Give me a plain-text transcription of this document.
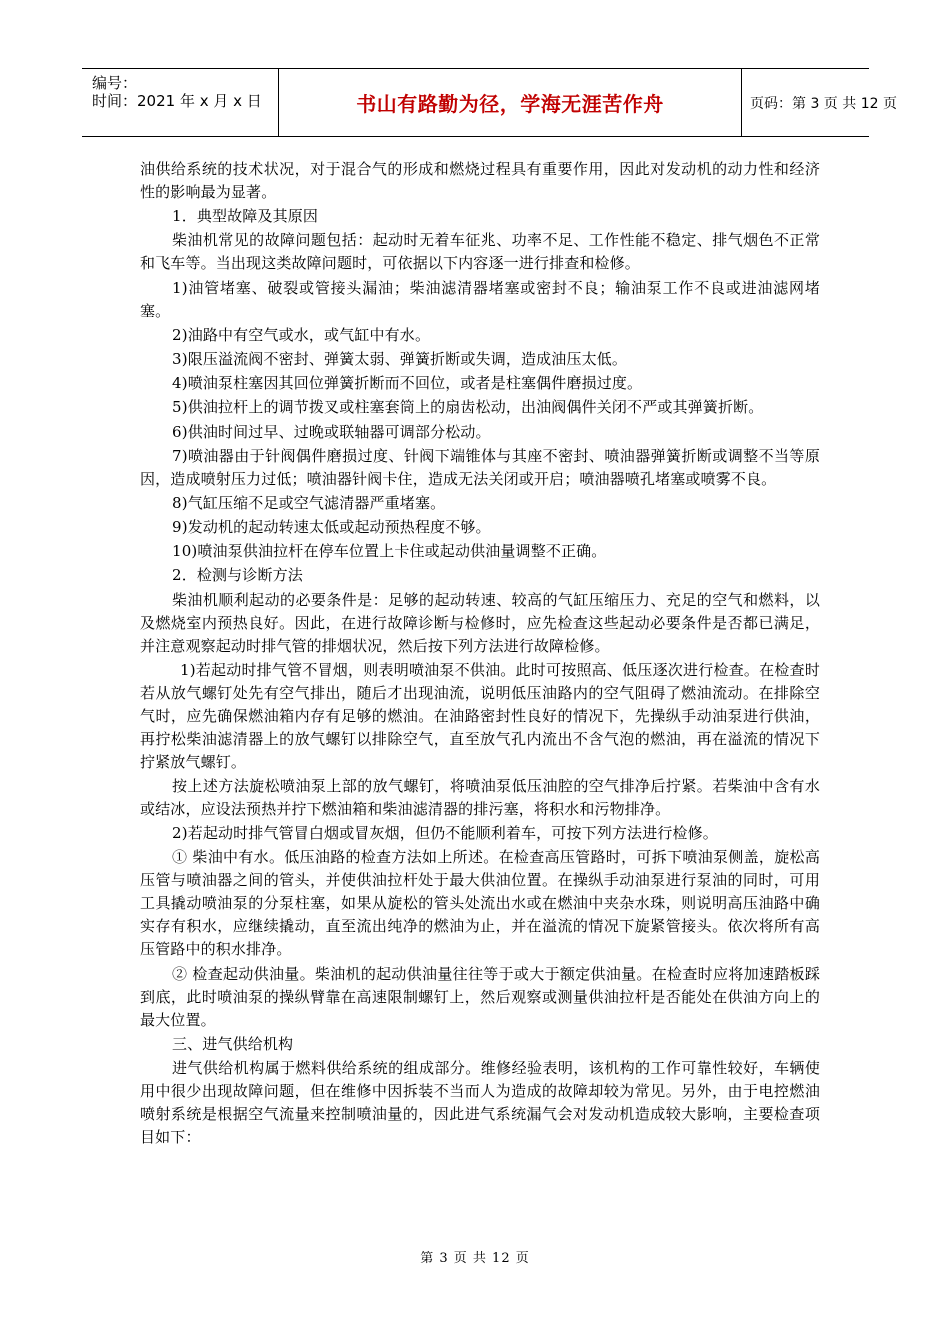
编号：
时间：2021 年 x 月 x 日	书山有路勤为径，学海无涯苦作舟	页码：第 3 页 共 12 页

油供给系统的技术状况，对于混合气的形成和燃烧过程具有重要作用，因此对发动机的动力性和经济性的影响最为显著。

1．典型故障及其原因

柴油机常见的故障问题包括：起动时无着车征兆、功率不足、工作性能不稳定、排气烟色不正常和飞车等。当出现这类故障问题时，可依据以下内容逐一进行排查和检修。

1)油管堵塞、破裂或管接头漏油；柴油滤清器堵塞或密封不良；输油泵工作不良或进油滤网堵塞。

2)油路中有空气或水，或气缸中有水。

3)限压溢流阀不密封、弹簧太弱、弹簧折断或失调，造成油压太低。

4)喷油泵柱塞因其回位弹簧折断而不回位，或者是柱塞偶件磨损过度。

5)供油拉杆上的调节拨叉或柱塞套筒上的扇齿松动，出油阀偶件关闭不严或其弹簧折断。

6)供油时间过早、过晚或联轴器可调部分松动。

7)喷油器由于针阀偶件磨损过度、针阀下端锥体与其座不密封、喷油器弹簧折断或调整不当等原因，造成喷射压力过低；喷油器针阀卡住，造成无法关闭或开启；喷油器喷孔堵塞或喷雾不良。

8)气缸压缩不足或空气滤清器严重堵塞。

9)发动机的起动转速太低或起动预热程度不够。

10)喷油泵供油拉杆在停车位置上卡住或起动供油量调整不正确。

2．检测与诊断方法

柴油机顺利起动的必要条件是：足够的起动转速、较高的气缸压缩压力、充足的空气和燃料，以及燃烧室内预热良好。因此，在进行故障诊断与检修时，应先检查这些起动必要条件是否都已满足，并注意观察起动时排气管的排烟状况，然后按下列方法进行故障检修。

1)若起动时排气管不冒烟，则表明喷油泵不供油。此时可按照高、低压逐次进行检查。在检查时若从放气螺钉处先有空气排出，随后才出现油流，说明低压油路内的空气阻碍了燃油流动。在排除空气时，应先确保燃油箱内存有足够的燃油。在油路密封性良好的情况下，先操纵手动油泵进行供油，再拧松柴油滤清器上的放气螺钉以排除空气，直至放气孔内流出不含气泡的燃油，再在溢流的情况下拧紧放气螺钉。

按上述方法旋松喷油泵上部的放气螺钉，将喷油泵低压油腔的空气排净后拧紧。若柴油中含有水或结冰，应设法预热并拧下燃油箱和柴油滤清器的排污塞，将积水和污物排净。

2)若起动时排气管冒白烟或冒灰烟，但仍不能顺利着车，可按下列方法进行检修。

① 柴油中有水。低压油路的检查方法如上所述。在检查高压管路时，可拆下喷油泵侧盖，旋松高压管与喷油器之间的管头，并使供油拉杆处于最大供油位置。在操纵手动油泵进行泵油的同时，可用工具撬动喷油泵的分泵柱塞，如果从旋松的管头处流出水或在燃油中夹杂水珠，则说明高压油路中确实存有积水，应继续撬动，直至流出纯净的燃油为止，并在溢流的情况下旋紧管接头。依次将所有高压管路中的积水排净。

② 检查起动供油量。柴油机的起动供油量往往等于或大于额定供油量。在检查时应将加速踏板踩到底，此时喷油泵的操纵臂靠在高速限制螺钉上，然后观察或测量供油拉杆是否能处在供油方向上的最大位置。

三、进气供给机构

进气供给机构属于燃料供给系统的组成部分。维修经验表明，该机构的工作可靠性较好，车辆使用中很少出现故障问题，但在维修中因拆装不当而人为造成的故障却较为常见。另外，由于电控燃油喷射系统是根据空气流量来控制喷油量的，因此进气系统漏气会对发动机造成较大影响，主要检查项目如下：

第 3 页 共 12 页
